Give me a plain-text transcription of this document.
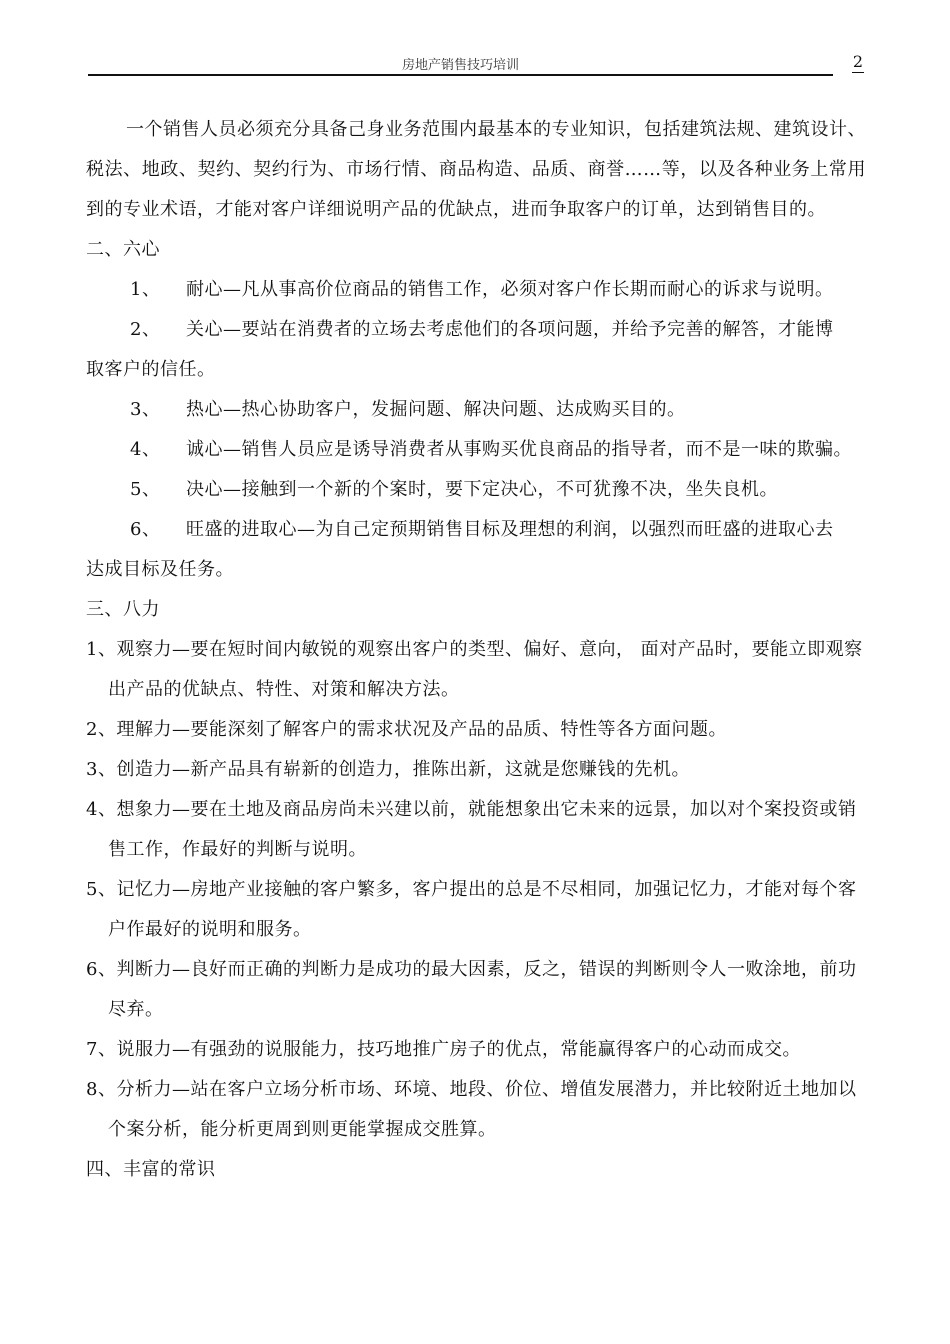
房地产销售技巧培训	2

一个销售人员必须充分具备己身业务范围内最基本的专业知识，包括建筑法规、建筑设计、税法、地政、契约、契约行为、市场行情、商品构造、品质、商誉……等，以及各种业务上常用到的专业术语，才能对客户详细说明产品的优缺点，进而争取客户的订单，达到销售目的。

二、六心

1、 耐心—凡从事高价位商品的销售工作，必须对客户作长期而耐心的诉求与说明。
2、 关心—要站在消费者的立场去考虑他们的各项问题，并给予完善的解答，才能博
取客户的信任。
3、 热心—热心协助客户，发掘问题、解决问题、达成购买目的。
4、 诚心—销售人员应是诱导消费者从事购买优良商品的指导者，而不是一味的欺骗。
5、 决心—接触到一个新的个案时，要下定决心，不可犹豫不决，坐失良机。
6、 旺盛的进取心—为自己定预期销售目标及理想的利润，以强烈而旺盛的进取心去
达成目标及任务。

三、八力

1、观察力—要在短时间内敏锐的观察出客户的类型、偏好、意向， 面对产品时，要能立即观察出产品的优缺点、特性、对策和解决方法。

2、理解力—要能深刻了解客户的需求状况及产品的品质、特性等各方面问题。

3、创造力—新产品具有崭新的创造力，推陈出新，这就是您赚钱的先机。

4、想象力—要在土地及商品房尚未兴建以前，就能想象出它未来的远景，加以对个案投资或销售工作，作最好的判断与说明。

5、记忆力—房地产业接触的客户繁多，客户提出的总是不尽相同，加强记忆力，才能对每个客户作最好的说明和服务。

6、判断力—良好而正确的判断力是成功的最大因素，反之，错误的判断则令人一败涂地，前功尽弃。

7、说服力—有强劲的说服能力，技巧地推广房子的优点，常能赢得客户的心动而成交。

8、分析力—站在客户立场分析市场、环境、地段、价位、增值发展潜力，并比较附近土地加以个案分析，能分析更周到则更能掌握成交胜算。

四、丰富的常识
